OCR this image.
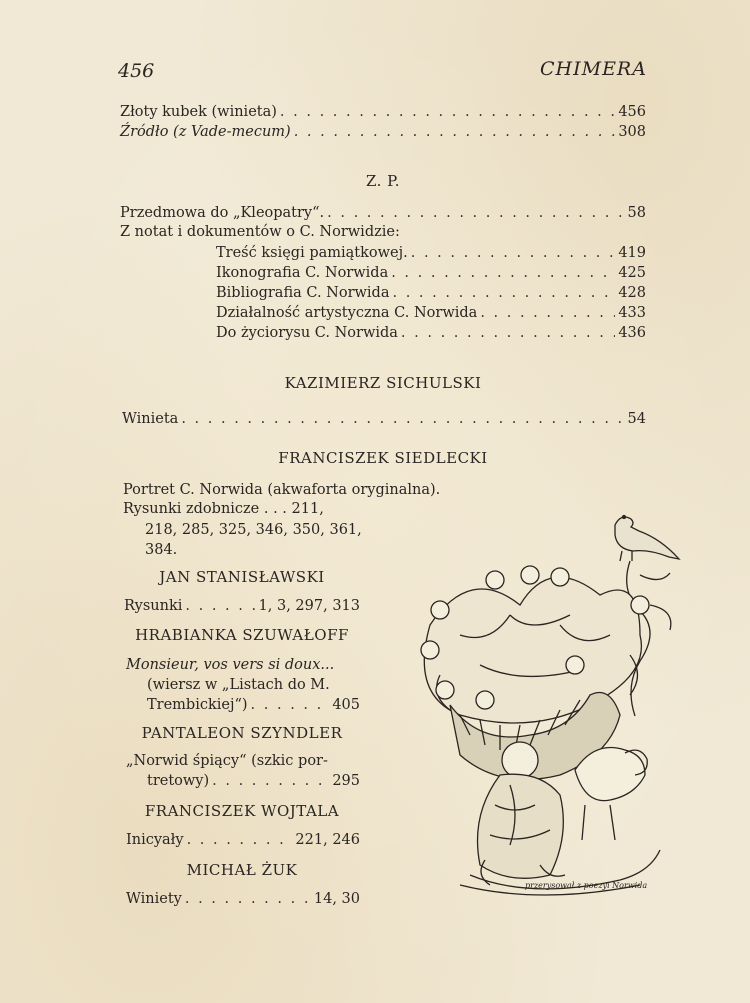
456	CHIMERA
Złoty kubek (winieta) . . .	456
Źródło (z Vade-mecum) . . .	308
Z. P.
Przedmowa do „Kleopatry“. . . .	58
Z notat i dokumentów o C. Norwidzie:
Treść księgi pamiątkowej. . . .	419
Ikonografia C. Norwida . . .	425
Bibliografia C. Norwida . . .	428
Działalność artystyczna C. Norwida . . .	433
Do życiorysu C. Norwida . . .	436
KAZIMIERZ SICHULSKI
Winieta . . .	54
FRANCISZEK SIEDLECKI
Portret C. Norwida (akwaforta oryginalna).
Rysunki zdobnicze . . . 211,
218, 285, 325, 346, 350, 361,
384.
JAN STANISŁAWSKI
Rysunki . . .	1, 3, 297, 313
HRABIANKA SZUWAŁOFF
Monsieur, vos vers si doux...
(wiersz w „Listach do M.
Trembickiej“) . . .	405
PANTALEON SZYNDLER
„Norwid śpiący“ (szkic por-
tretowy) . . .	295
FRANCISZEK WOJTALA
Inicyały . . .	221, 246
MICHAŁ ŻUK
Winiety . . .	14, 30
przerysował z poezyi Norwida
